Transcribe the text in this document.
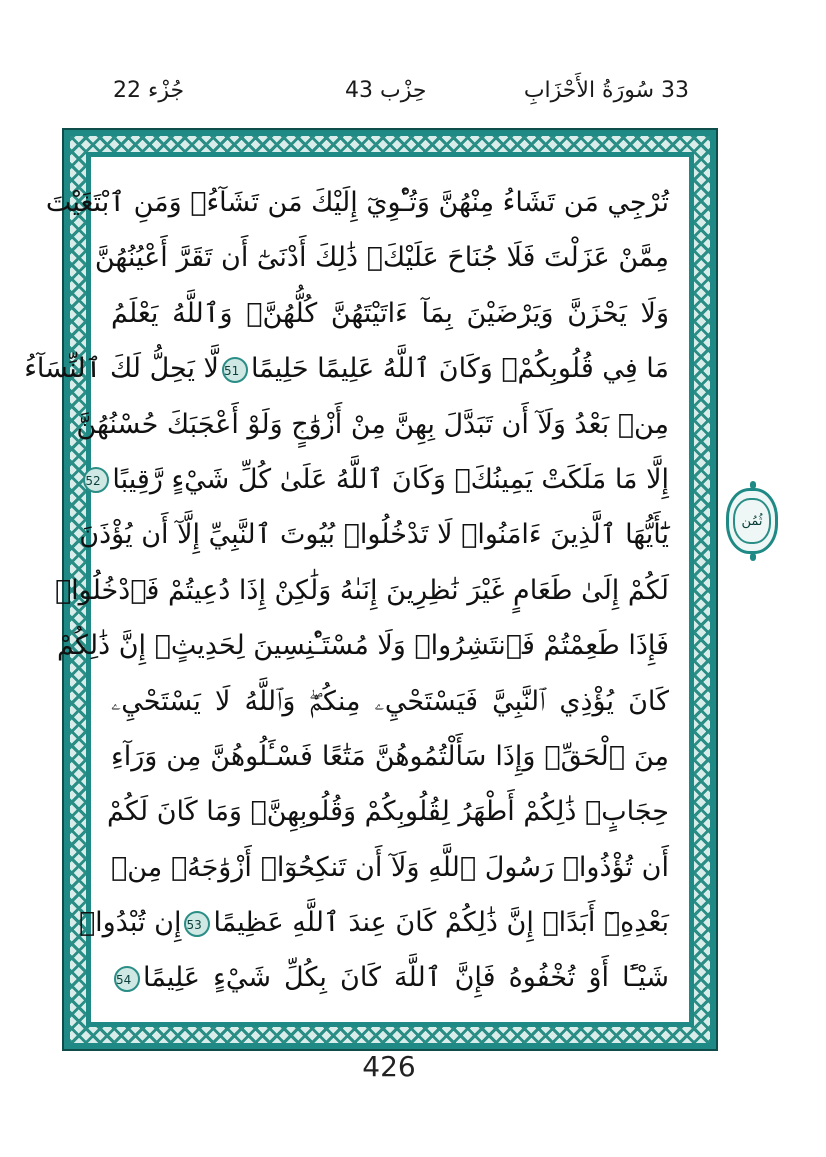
جُزْء 22	حِزْب 43	33 سُورَةُ الأَحْزَابِ
تُرْجِي مَن تَشَاءُ مِنْهُنَّ وَتُـْٔوِيٓ إِلَيْكَ مَن تَشَآءُۖ وَمَنِ ٱبْتَغَيْتَ
مِمَّنْ عَزَلْتَ فَلَا جُنَاحَ عَلَيْكَۚ ذَٰلِكَ أَدْنَىٰٓ أَن تَقَرَّ أَعْيُنُهُنَّ
وَلَا يَحْزَنَّ وَيَرْضَيْنَ بِمَآ ءَاتَيْتَهُنَّ كُلُّهُنَّۚ وَٱللَّهُ يَعْلَمُ
مَا فِي قُلُوبِكُمْۚ وَكَانَ ٱللَّهُ عَلِيمًا حَلِيمًا51لَّا يَحِلُّ لَكَ ٱلنِّسَآءُ
مِنۢ بَعْدُ وَلَآ أَن تَبَدَّلَ بِهِنَّ مِنْ أَزْوَٰجٍ وَلَوْ أَعْجَبَكَ حُسْنُهُنَّ
إِلَّا مَا مَلَكَتْ يَمِينُكَۗ وَكَانَ ٱللَّهُ عَلَىٰ كُلِّ شَيْءٍ رَّقِيبًا52
يَٰٓأَيُّهَا ٱلَّذِينَ ءَامَنُوا۟ لَا تَدْخُلُوا۟ بُيُوتَ ٱلنَّبِيِّ إِلَّآ أَن يُؤْذَنَ
لَكُمْ إِلَىٰ طَعَامٍ غَيْرَ نَٰظِرِينَ إِنَىٰهُ وَلَٰكِنْ إِذَا دُعِيتُمْ فَٱدْخُلُوا۟
فَإِذَا طَعِمْتُمْ فَٱنتَشِرُوا۟ وَلَا مُسْتَـْٔنِسِينَ لِحَدِيثٍۚ إِنَّ ذَٰلِكُمْ
كَانَ يُؤْذِي ٱلنَّبِيَّ فَيَسْتَحْيِۦ مِنكُمْۖ وَٱللَّهُ لَا يَسْتَحْيِۦ
مِنَ ٱلْحَقِّۚ وَإِذَا سَأَلْتُمُوهُنَّ مَتَٰعًا فَسْـَٔلُوهُنَّ مِن وَرَآءِ
حِجَابٍۚ ذَٰلِكُمْ أَطْهَرُ لِقُلُوبِكُمْ وَقُلُوبِهِنَّۚ وَمَا كَانَ لَكُمْ
أَن تُؤْذُوا۟ رَسُولَ ٱللَّهِ وَلَآ أَن تَنكِحُوٓا۟ أَزْوَٰجَهُۥ مِنۢ
بَعْدِهِۦٓ أَبَدًاۚ إِنَّ ذَٰلِكُمْ كَانَ عِندَ ٱللَّهِ عَظِيمًا53إِن تُبْدُوا۟
شَيْـًٔا أَوْ تُخْفُوهُ فَإِنَّ ٱللَّهَ كَانَ بِكُلِّ شَيْءٍ عَلِيمًا54
ثُمُن
426
